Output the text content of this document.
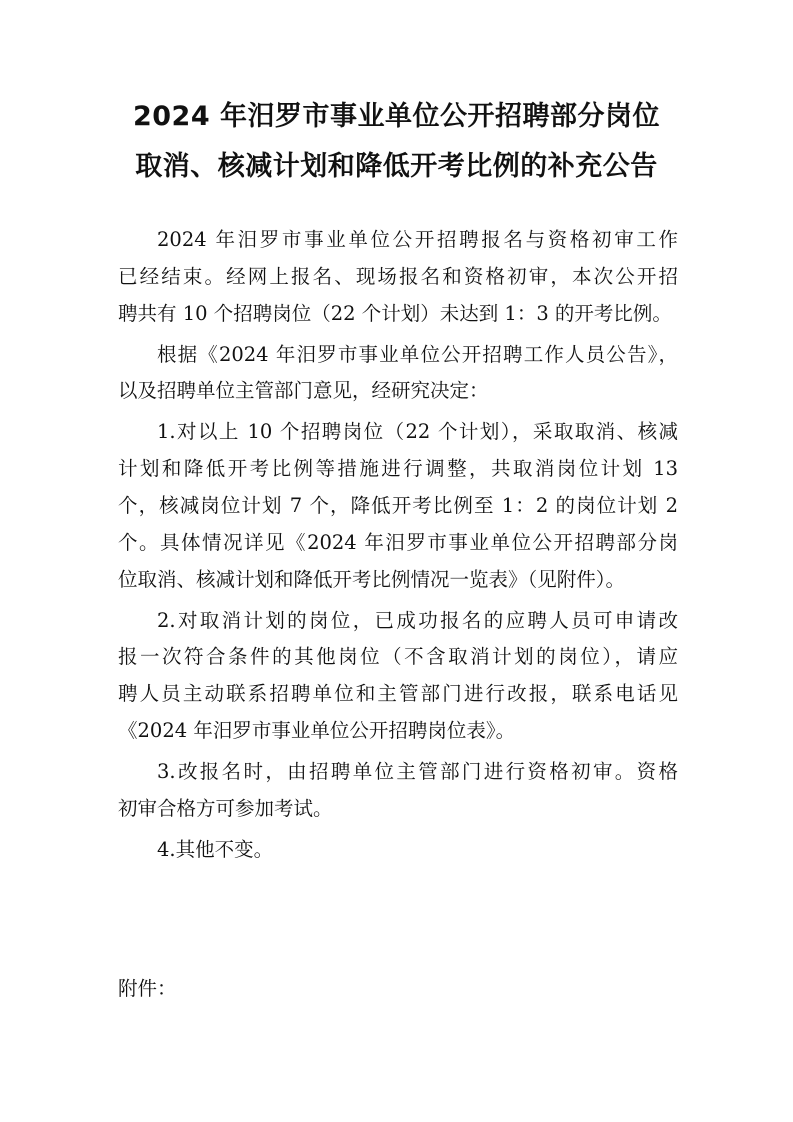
2024 年汨罗市事业单位公开招聘部分岗位
取消、核减计划和降低开考比例的补充公告

2024 年汨罗市事业单位公开招聘报名与资格初审工作
已经结束。经网上报名、现场报名和资格初审，本次公开招
聘共有 10 个招聘岗位（22 个计划）未达到 1：3 的开考比例。

根据《2024 年汨罗市事业单位公开招聘工作人员公告》，
以及招聘单位主管部门意见，经研究决定：

1.对以上 10 个招聘岗位（22 个计划），采取取消、核减
计划和降低开考比例等措施进行调整，共取消岗位计划 13
个，核减岗位计划 7 个，降低开考比例至 1：2 的岗位计划 2
个。具体情况详见《2024 年汨罗市事业单位公开招聘部分岗
位取消、核减计划和降低开考比例情况一览表》（见附件）。

2.对取消计划的岗位，已成功报名的应聘人员可申请改
报一次符合条件的其他岗位（不含取消计划的岗位），请应
聘人员主动联系招聘单位和主管部门进行改报，联系电话见
《2024 年汨罗市事业单位公开招聘岗位表》。

3.改报名时，由招聘单位主管部门进行资格初审。资格
初审合格方可参加考试。

4.其他不变。

附件：
